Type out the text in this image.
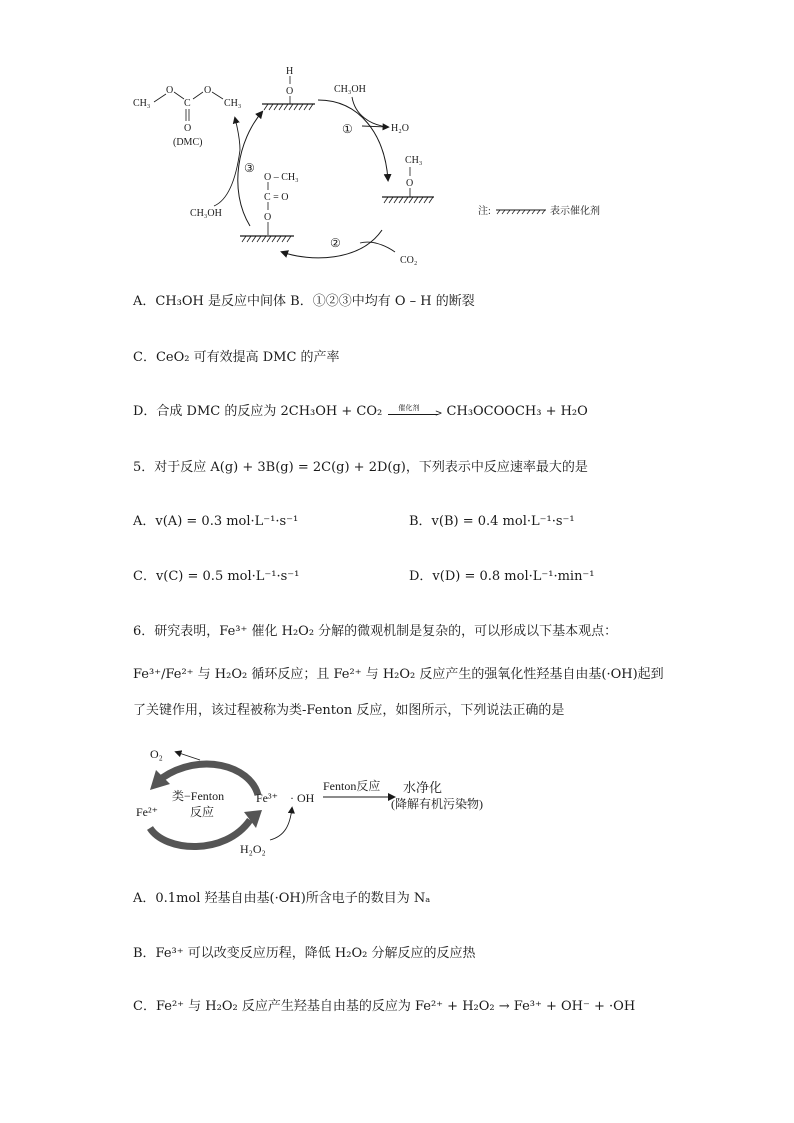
CH₃
O
C
O
CH₃
O
(DMC)
H
O
CH₃
O
O – CH₃
C = O
O
CH₃OH
①	H₂O
③
CH₃OH
②
CO₂
注:	表示催化剂
A．CH₃OH 是反应中间体 B．①②③中均有 O – H 的断裂
C．CeO₂ 可有效提高 DMC 的产率
D．合成 DMC 的反应为 2CH₃OH + CO₂ 催化剂
> CH₃OCOOCH₃ + H₂O
5．对于反应 A(g) + 3B(g) = 2C(g) + 2D(g)，下列表示中反应速率最大的是
A．v(A) = 0.3 mol·L⁻¹·s⁻¹	B．v(B) = 0.4 mol·L⁻¹·s⁻¹
C．v(C) = 0.5 mol·L⁻¹·s⁻¹	D．v(D) = 0.8 mol·L⁻¹·min⁻¹
6．研究表明，Fe³⁺ 催化 H₂O₂ 分解的微观机制是复杂的，可以形成以下基本观点：
Fe³⁺/Fe²⁺ 与 H₂O₂ 循环反应；且 Fe²⁺ 与 H₂O₂ 反应产生的强氧化性羟基自由基(·OH)起到
了关键作用，该过程被称为类-Fenton 反应，如图所示，下列说法正确的是
O₂
类−Fenton
反应
Fe²⁺
Fe³⁺ · OH
H₂O₂
Fenton反应 水净化
(降解有机污染物)
A．0.1mol 羟基自由基(·OH)所含电子的数目为 Nₐ
B．Fe³⁺ 可以改变反应历程，降低 H₂O₂ 分解反应的反应热
C．Fe²⁺ 与 H₂O₂ 反应产生羟基自由基的反应为 Fe²⁺ + H₂O₂ → Fe³⁺ + OH⁻ + ·OH
